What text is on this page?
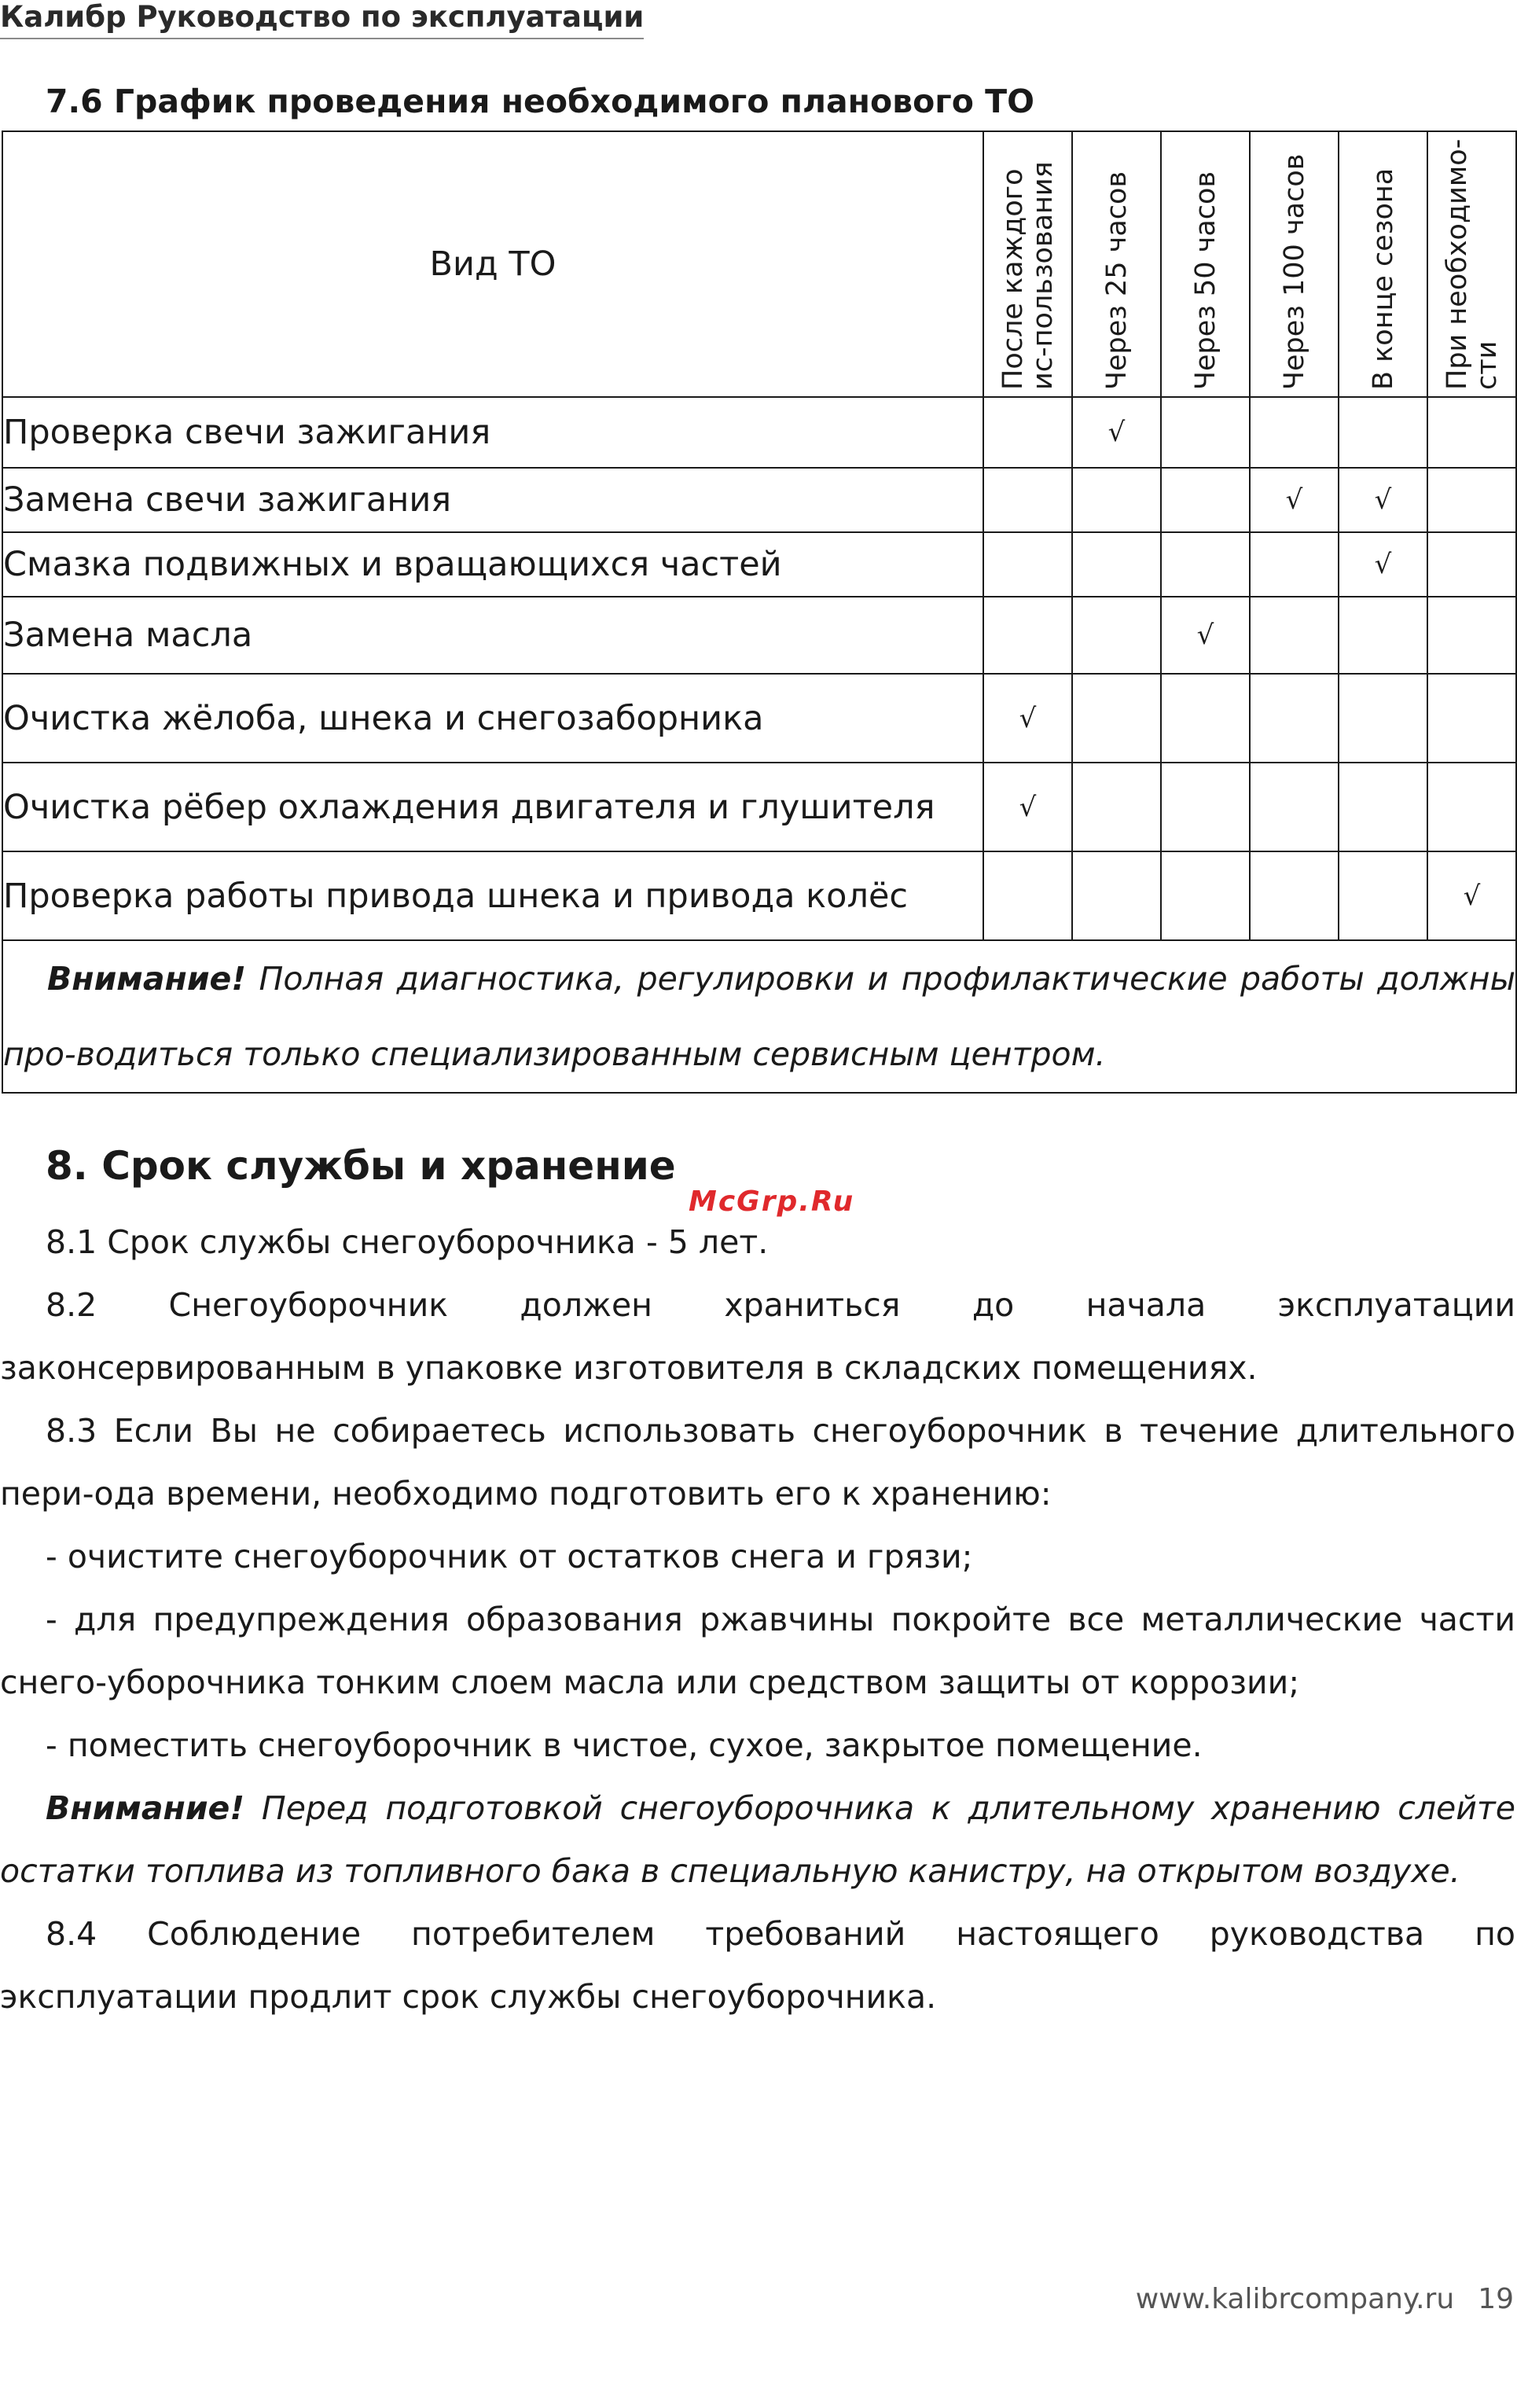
Калибр Руководство по эксплуатации
7.6 График проведения необходимого планового ТО
Вид ТО	После каждого ис-пользования	Через 25 часов	Через 50 часов	Через 100 часов	В конце сезона	При необходимо-сти

Проверка свечи зажигания		√				
Замена свечи зажигания				√	√	
Смазка подвижных и вращающихся частей					√	
Замена масла			√			
Очистка жёлоба, шнека и снегозаборника	√					
Очистка рёбер охлаждения двигателя и глушителя	√					
Проверка работы привода шнека и привода колёс						√
Внимание! Полная диагностика, регулировки и профилактические работы должны про-водиться только специализированным сервисным центром.						
8. Срок службы и хранение
McGrp.Ru

8.1 Срок службы снегоуборочника - 5 лет.

8.2 Снегоуборочник должен храниться до начала эксплуатации законсервированным в упаковке изготовителя в складских помещениях.

8.3 Если Вы не собираетесь использовать снегоуборочник в течение длительного пери-ода времени, необходимо подготовить его к хранению:

- очистите снегоуборочник от остатков снега и грязи;

- для предупреждения образования ржавчины покройте все металлические части снего-уборочника тонким слоем масла или средством защиты от коррозии;

- поместить снегоуборочник в чистое, сухое, закрытое помещение.

Внимание! Перед подготовкой снегоуборочника к длительному хранению слейте остатки топлива из топливного бака в специальную канистру, на открытом воздухе.

8.4 Соблюдение потребителем требований настоящего руководства по эксплуатации продлит срок службы снегоуборочника.

www.kalibrcompany.ru 19
